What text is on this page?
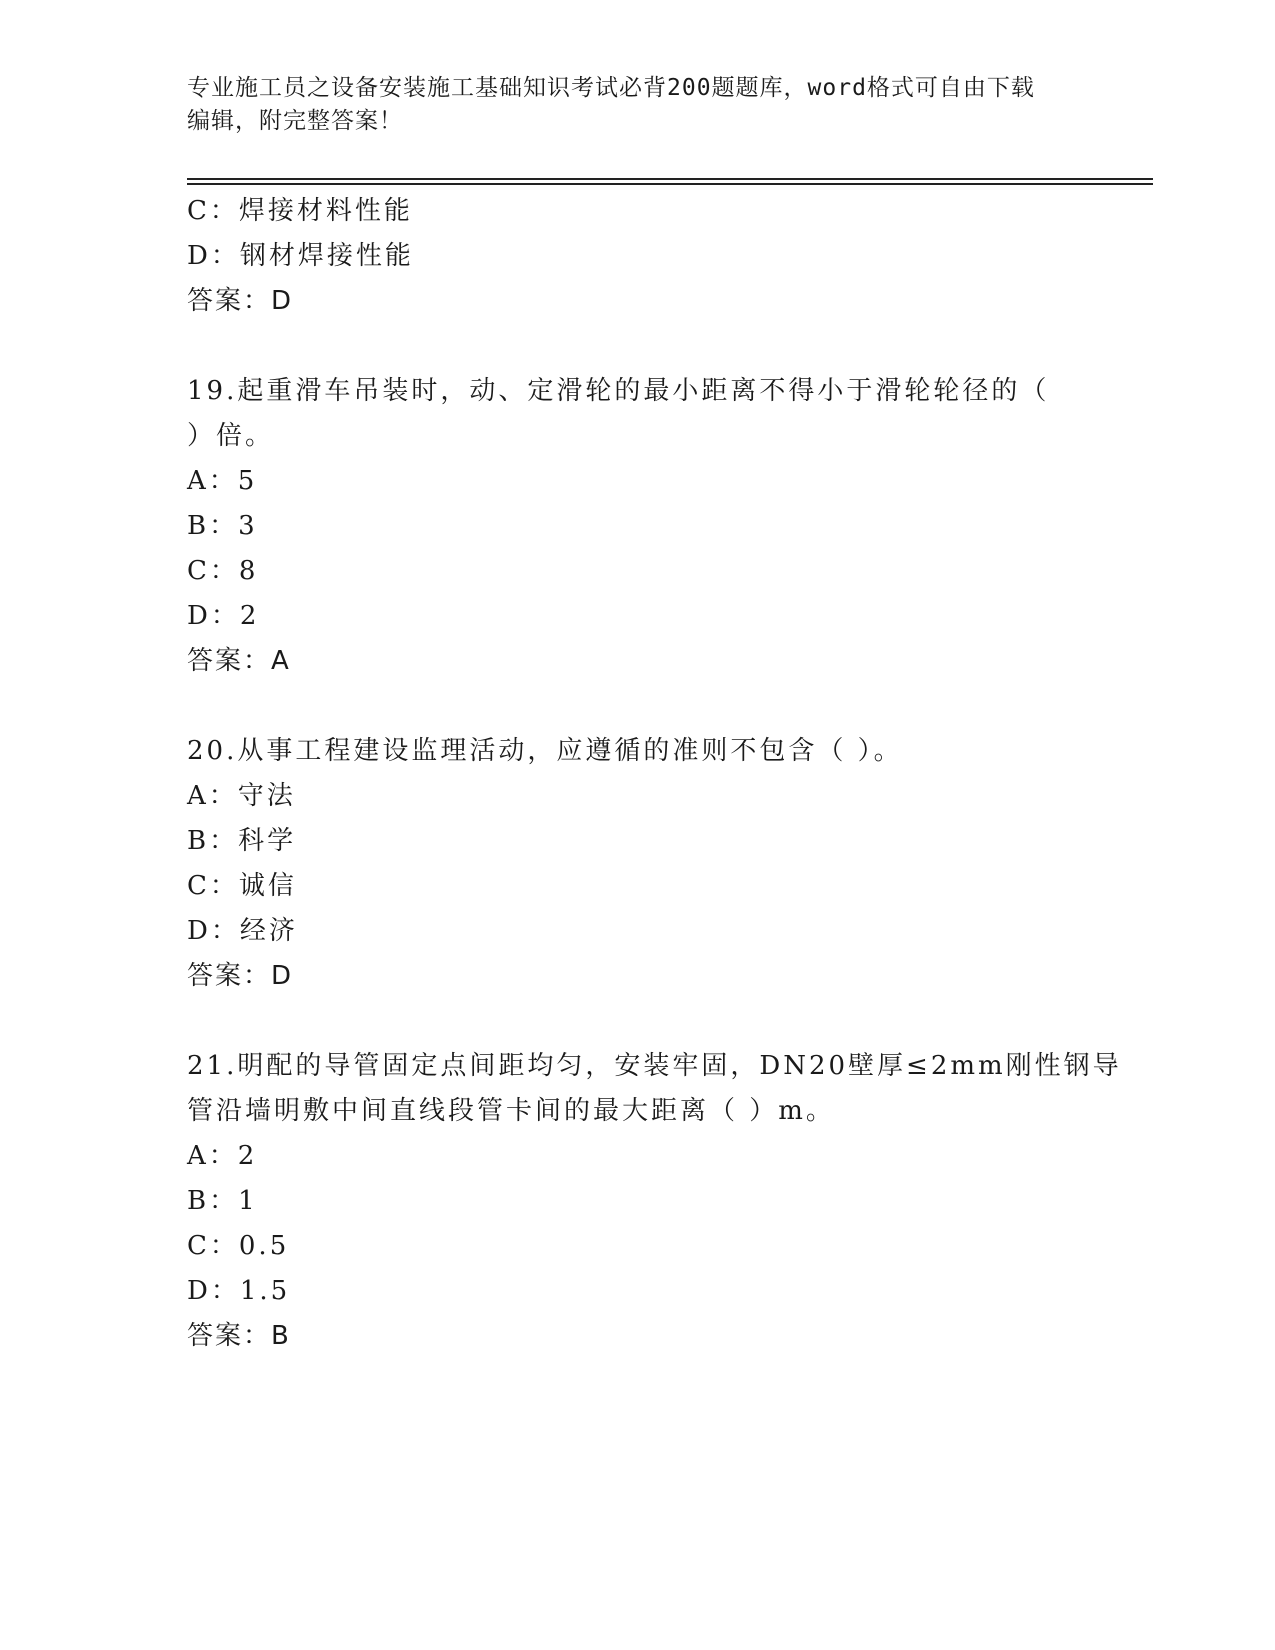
专业施工员之设备安装施工基础知识考试必背200题题库，word格式可自由下载
编辑，附完整答案！
C：焊接材料性能
D：钢材焊接性能
答案：D
19.起重滑车吊装时，动、定滑轮的最小距离不得小于滑轮轮径的（
）倍。
A：5
B：3
C：8
D：2
答案：A
20.从事工程建设监理活动，应遵循的准则不包含（ ）。
A：守法
B：科学
C：诚信
D：经济
答案：D
21.明配的导管固定点间距均匀，安装牢固，DN20壁厚≤2mm刚性钢导
管沿墙明敷中间直线段管卡间的最大距离（ ）m。
A：2
B：1
C：0.5
D：1.5
答案：B
